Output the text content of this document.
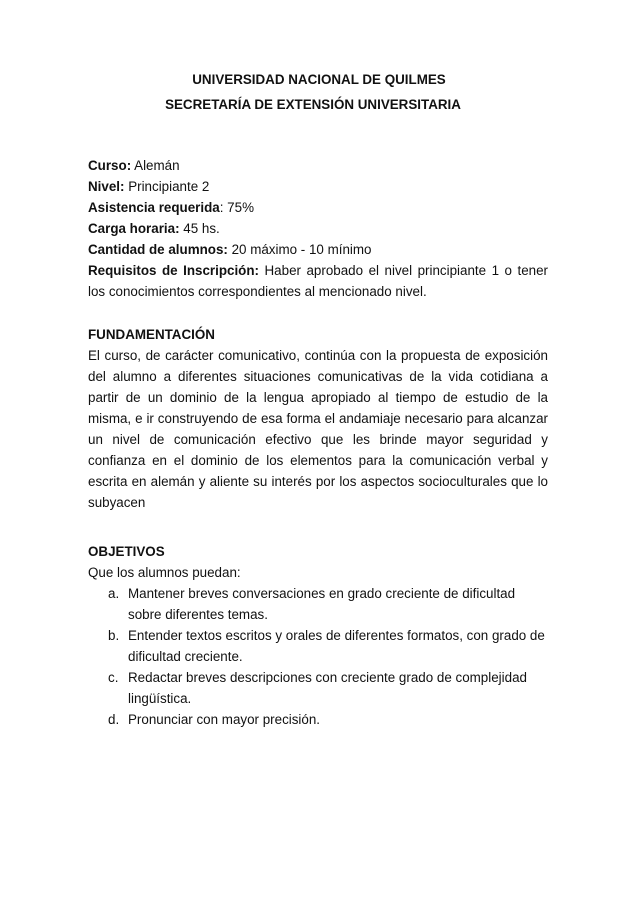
UNIVERSIDAD NACIONAL DE QUILMES
SECRETARÍA DE EXTENSIÓN UNIVERSITARIA
Curso: Alemán
Nivel: Principiante 2
Asistencia requerida: 75%
Carga horaria: 45 hs.
Cantidad de alumnos: 20 máximo - 10 mínimo
Requisitos de Inscripción: Haber aprobado el nivel principiante 1 o tener los conocimientos correspondientes al mencionado nivel.
FUNDAMENTACIÓN
El curso, de carácter comunicativo, continúa con la propuesta de exposición del alumno a diferentes situaciones comunicativas de la vida cotidiana a partir de un dominio de la lengua apropiado al tiempo de estudio de la misma, e ir construyendo de esa forma el andamiaje necesario para alcanzar un nivel de comunicación efectivo que les brinde mayor seguridad y confianza en el dominio de los elementos para la comunicación verbal y escrita en alemán y aliente su interés por los aspectos socioculturales que lo subyacen
OBJETIVOS
Que los alumnos puedan:
a. Mantener breves conversaciones en grado creciente de dificultad sobre diferentes temas.
b. Entender textos escritos y orales de diferentes formatos, con grado de dificultad creciente.
c. Redactar breves descripciones con creciente grado de complejidad lingüística.
d. Pronunciar con mayor precisión.
